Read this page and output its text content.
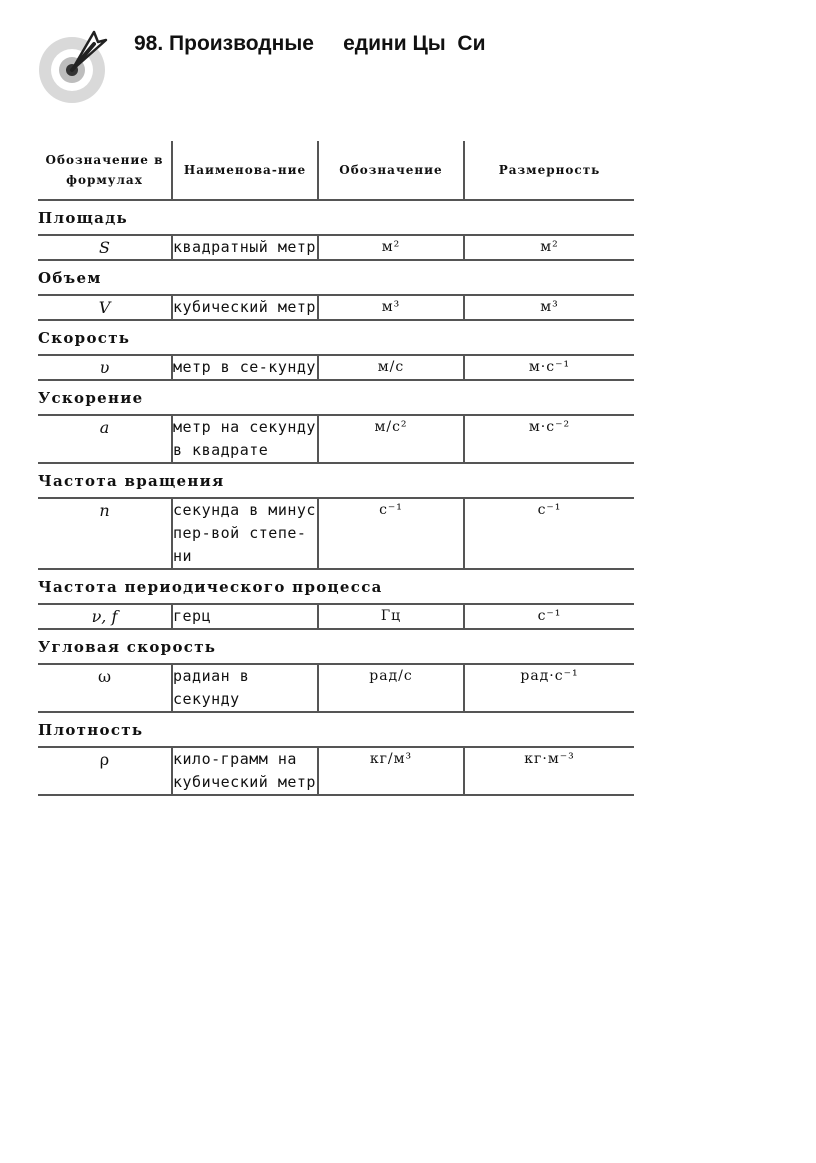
98. Производные     едини Цы  Си
Обозначение в формулах	Наименова-ние	Обозначение	Размерность
Площадь			
S	квадратный метр	м²	м²
Объем			
V	кубический метр	м³	м³
Скорость			
υ	метр в се-кунду	м/с	м·с⁻¹
Ускорение			
a	метр на секунду в квадрате	м/с²	м·с⁻²
Частота вращения			
n	секунда в минус пер-вой степе-ни	с⁻¹	с⁻¹
Частота периодического процесса			
ν, f	герц	Гц	с⁻¹
Угловая скорость			
ω	радиан в секунду	рад/с	рад·с⁻¹
Плотность			
ρ	кило-грамм на кубический метр	кг/м³	кг·м⁻³
